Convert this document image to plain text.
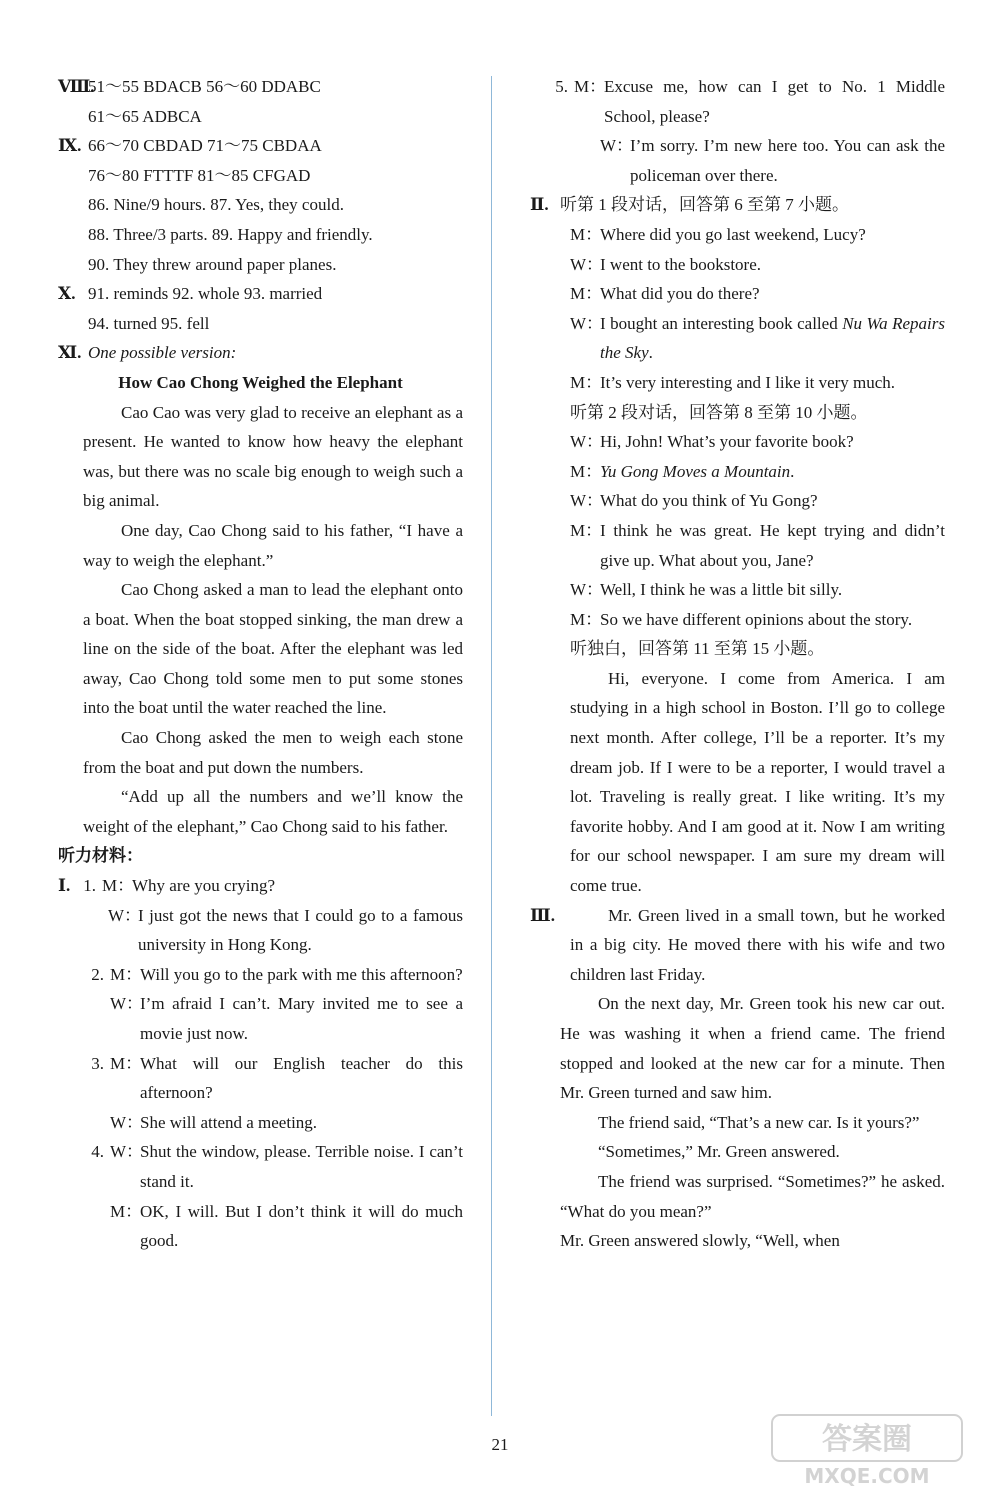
Ⅷ.51～55 BDACB 56～60 DDABC
61～65 ADBCA
Ⅸ. 66～70 CBDAD 71～75 CBDAA
76～80 FTTTF 81～85 CFGAD
86. Nine/9 hours. 87. Yes, they could.
88. Three/3 parts. 89. Happy and friendly.
90. They threw around paper planes.
Ⅹ. 91. reminds 92. whole 93. married
94. turned 95. fell
Ⅺ. One possible version:
How Cao Chong Weighed the Elephant
Cao Cao was very glad to receive an elephant as a present. He wanted to know how heavy the elephant was, but there was no scale big enough to weigh such a big animal.
One day, Cao Chong said to his father, “I have a way to weigh the elephant.”
Cao Chong asked a man to lead the elephant onto a boat. When the boat stopped sinking, the man drew a line on the side of the boat. After the elephant was led away, Cao Chong told some men to put some stones into the boat until the water reached the line.
Cao Chong asked the men to weigh each stone from the boat and put down the numbers.
“Add up all the numbers and we’ll know the weight of the elephant,” Cao Chong said to his father.
听力材料：
Ⅰ. 1. M：
Why are you crying?
W：
I just got the news that I could go to a famous university in Hong Kong.
2. M：
Will you go to the park with me this afternoon?
W：
I’m afraid I can’t. Mary invited me to see a movie just now.
3. M：
What will our English teacher do this afternoon?
W：
She will attend a meeting.
4. W：
Shut the window, please. Terrible noise. I can’t stand it.
M：
OK, I will. But I don’t think it will do much good.
5. M：
Excuse me, how can I get to No. 1 Middle School, please?
W：
I’m sorry. I’m new here too. You can ask the policeman over there.
Ⅱ. 听第 1 段对话，回答第 6 至第 7 小题。
M：
Where did you go last weekend, Lucy?
W：
I went to the bookstore.
M：
What did you do there?
W：
I bought an interesting book called Nu Wa Repairs the Sky.
M：
It’s very interesting and I like it very much.
听第 2 段对话，回答第 8 至第 10 小题。
W：
Hi, John! What’s your favorite book?
M：
Yu Gong Moves a Mountain.
W：
What do you think of Yu Gong?
M：
I think he was great. He kept trying and didn’t give up. What about you, Jane?
W：
Well, I think he was a little bit silly.
M：
So we have different opinions about the story.
听独白，回答第 11 至第 15 小题。
Hi, everyone. I come from America. I am studying in a high school in Boston. I’ll go to college next month. After college, I’ll be a reporter. It’s my dream job. If I were to be a reporter, I would travel a lot. Traveling is really great. I like writing. It’s my favorite hobby. And I am good at it. Now I am writing for our school newspaper. I am sure my dream will come true.
Ⅲ.	Mr. Green lived in a small town, but he worked in a big city. He moved there with his wife and two children last Friday.
On the next day, Mr. Green took his new car out. He was washing it when a friend came. The friend stopped and looked at the new car for a minute. Then Mr. Green turned and saw him.
The friend said, “That’s a new car. Is it yours?”
“Sometimes,” Mr. Green answered.
The friend was surprised. “Sometimes?” he asked. “What do you mean?”
Mr. Green answered slowly, “Well, when
21	答案圈
MXQE.COM
